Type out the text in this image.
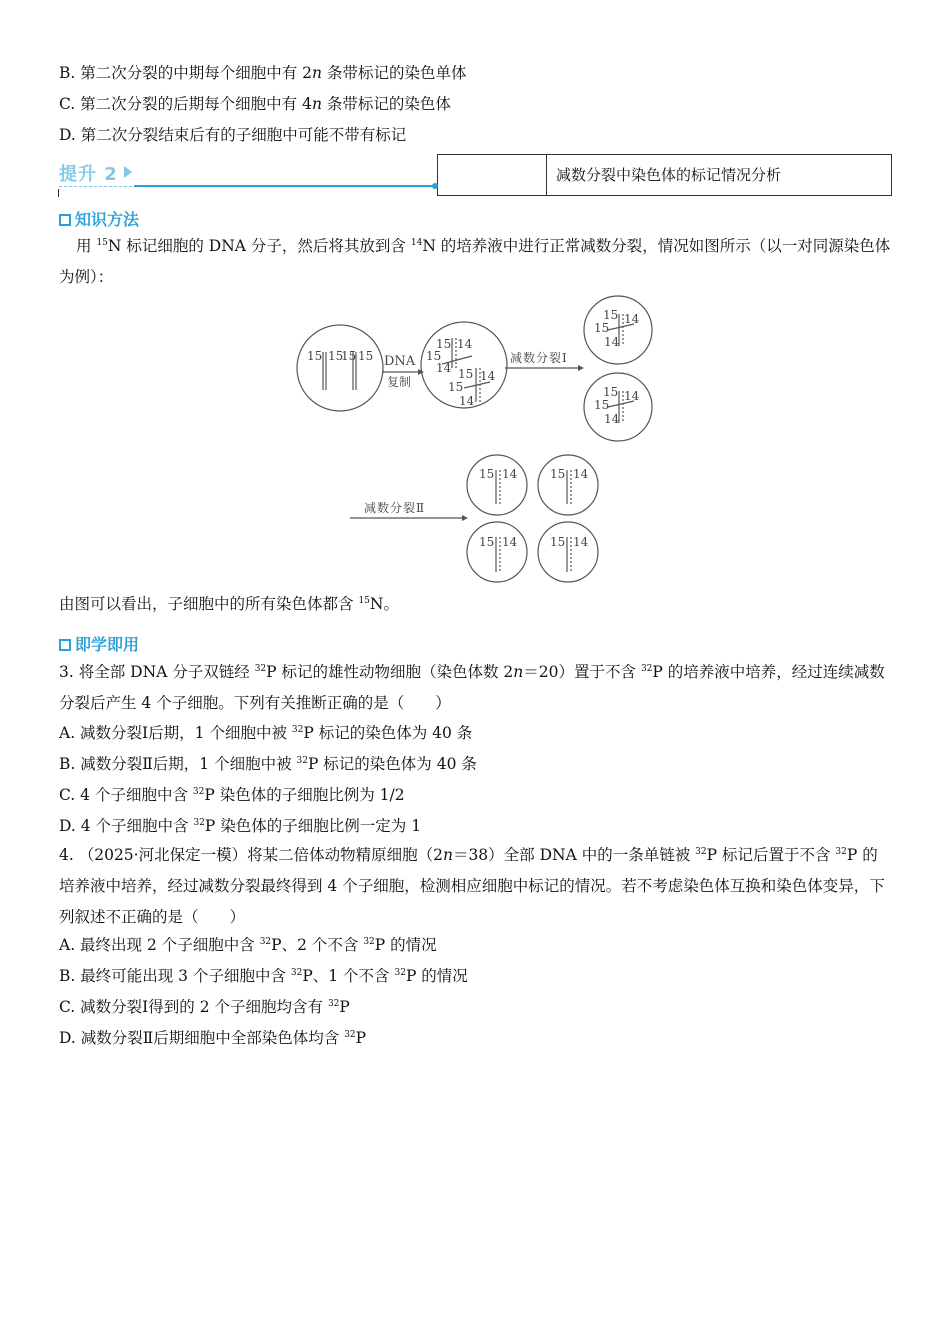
B. 第二次分裂的中期每个细胞中有 2n 条带标记的染色单体
C. 第二次分裂的后期每个细胞中有 4n 条带标记的染色体
D. 第二次分裂结束后有的子细胞中可能不带有标记
提升 2	减数分裂中染色体的标记情况分析
知识方法
用 $^{15}$N 标记细胞的 DNA 分子，然后将其放到含 $^{14}$N 的培养液中进行正常减数分裂，情况如图所示（以一对同源染色体为例）：
15 15
15 15 DNA
复制
15 14
15
14 15 14
15
14
减数分裂Ⅰ
15 14
15
14
15 14
15
14
减数分裂Ⅱ
15 14	15 14
15 14	15 14
由图可以看出，子细胞中的所有染色体都含 $^{15}$N。
即学即用
3. 将全部 DNA 分子双链经 $^{32}$P 标记的雄性动物细胞（染色体数 2n＝20）置于不含 $^{32}$P 的培养液中培养，经过连续减数分裂后产生 4 个子细胞。下列有关推断正确的是（　　）
A. 减数分裂Ⅰ后期，1 个细胞中被 $^{32}$P 标记的染色体为 40 条
B. 减数分裂Ⅱ后期，1 个细胞中被 $^{32}$P 标记的染色体为 40 条
C. 4 个子细胞中含 $^{32}$P 染色体的子细胞比例为 1/2
D. 4 个子细胞中含 $^{32}$P 染色体的子细胞比例一定为 1
4. （2025·河北保定一模）将某二倍体动物精原细胞（2n＝38）全部 DNA 中的一条单链被 $^{32}$P 标记后置于不含 $^{32}$P 的培养液中培养，经过减数分裂最终得到 4 个子细胞，检测相应细胞中标记的情况。若不考虑染色体互换和染色体变异，下列叙述不正确的是（　　）
A. 最终出现 2 个子细胞中含 $^{32}$P、2 个不含 $^{32}$P 的情况
B. 最终可能出现 3 个子细胞中含 $^{32}$P、1 个不含 $^{32}$P 的情况
C. 减数分裂Ⅰ得到的 2 个子细胞均含有 $^{32}$P
D. 减数分裂Ⅱ后期细胞中全部染色体均含 $^{32}$P
